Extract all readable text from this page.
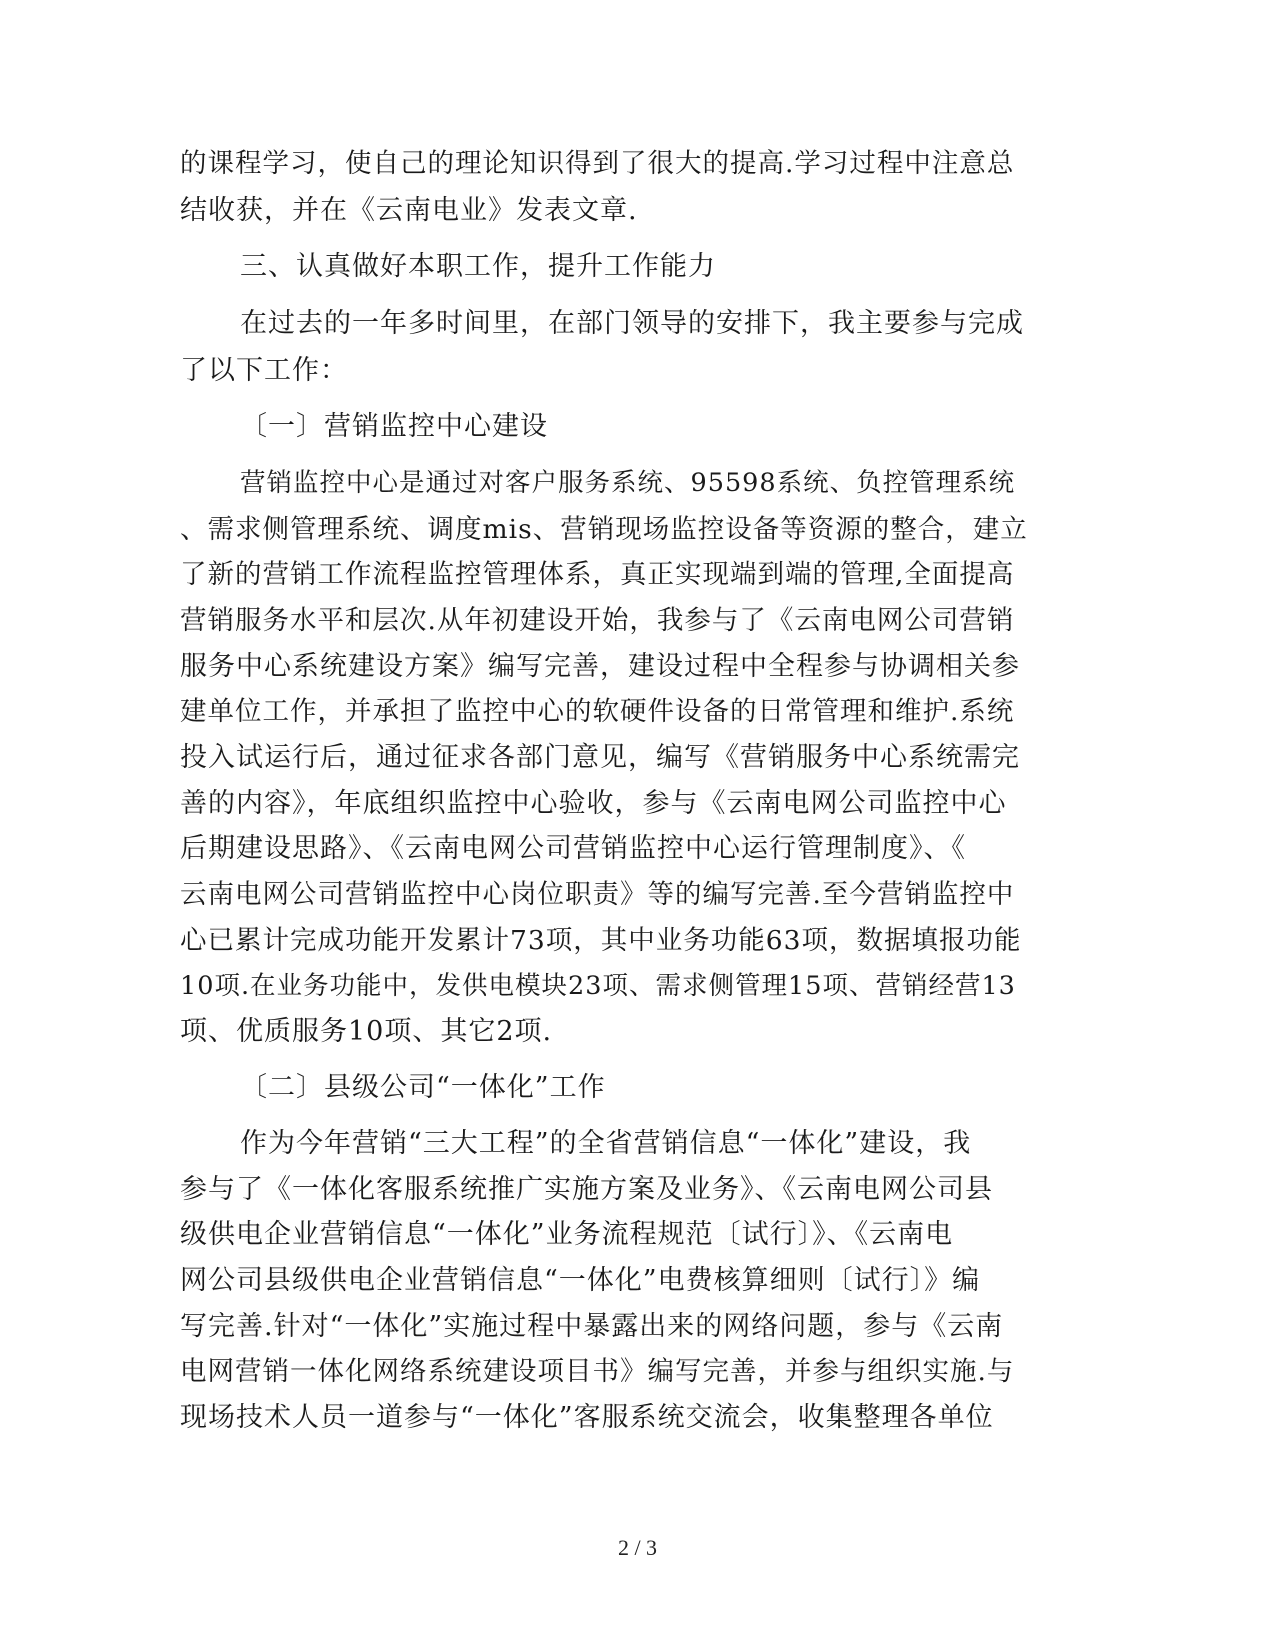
的课程学习，使自己的理论知识得到了很大的提高.学习过程中注意总
结收获，并在《云南电业》发表文章.
三、认真做好本职工作，提升工作能力
在过去的一年多时间里，在部门领导的安排下，我主要参与完成
了以下工作：
〔一〕营销监控中心建设
营销监控中心是通过对客户服务系统、95598系统、负控管理系统
、需求侧管理系统、调度mis、营销现场监控设备等资源的整合，建立
了新的营销工作流程监控管理体系，真正实现端到端的管理,全面提高
营销服务水平和层次.从年初建设开始，我参与了《云南电网公司营销
服务中心系统建设方案》编写完善，建设过程中全程参与协调相关参
建单位工作，并承担了监控中心的软硬件设备的日常管理和维护.系统
投入试运行后，通过征求各部门意见，编写《营销服务中心系统需完
善的内容》，年底组织监控中心验收，参与《云南电网公司监控中心
后期建设思路》、《云南电网公司营销监控中心运行管理制度》、《
云南电网公司营销监控中心岗位职责》等的编写完善.至今营销监控中
心已累计完成功能开发累计73项，其中业务功能63项，数据填报功能
10项.在业务功能中，发供电模块23项、需求侧管理15项、营销经营13
项、优质服务10项、其它2项.
〔二〕县级公司“一体化”工作
作为今年营销“三大工程”的全省营销信息“一体化”建设，我
参与了《一体化客服系统推广实施方案及业务》、《云南电网公司县
级供电企业营销信息“一体化”业务流程规范〔试行〕》、《云南电
网公司县级供电企业营销信息“一体化”电费核算细则〔试行〕》编
写完善.针对“一体化”实施过程中暴露出来的网络问题，参与《云南
电网营销一体化网络系统建设项目书》编写完善，并参与组织实施.与
现场技术人员一道参与“一体化”客服系统交流会，收集整理各单位
2 / 3
